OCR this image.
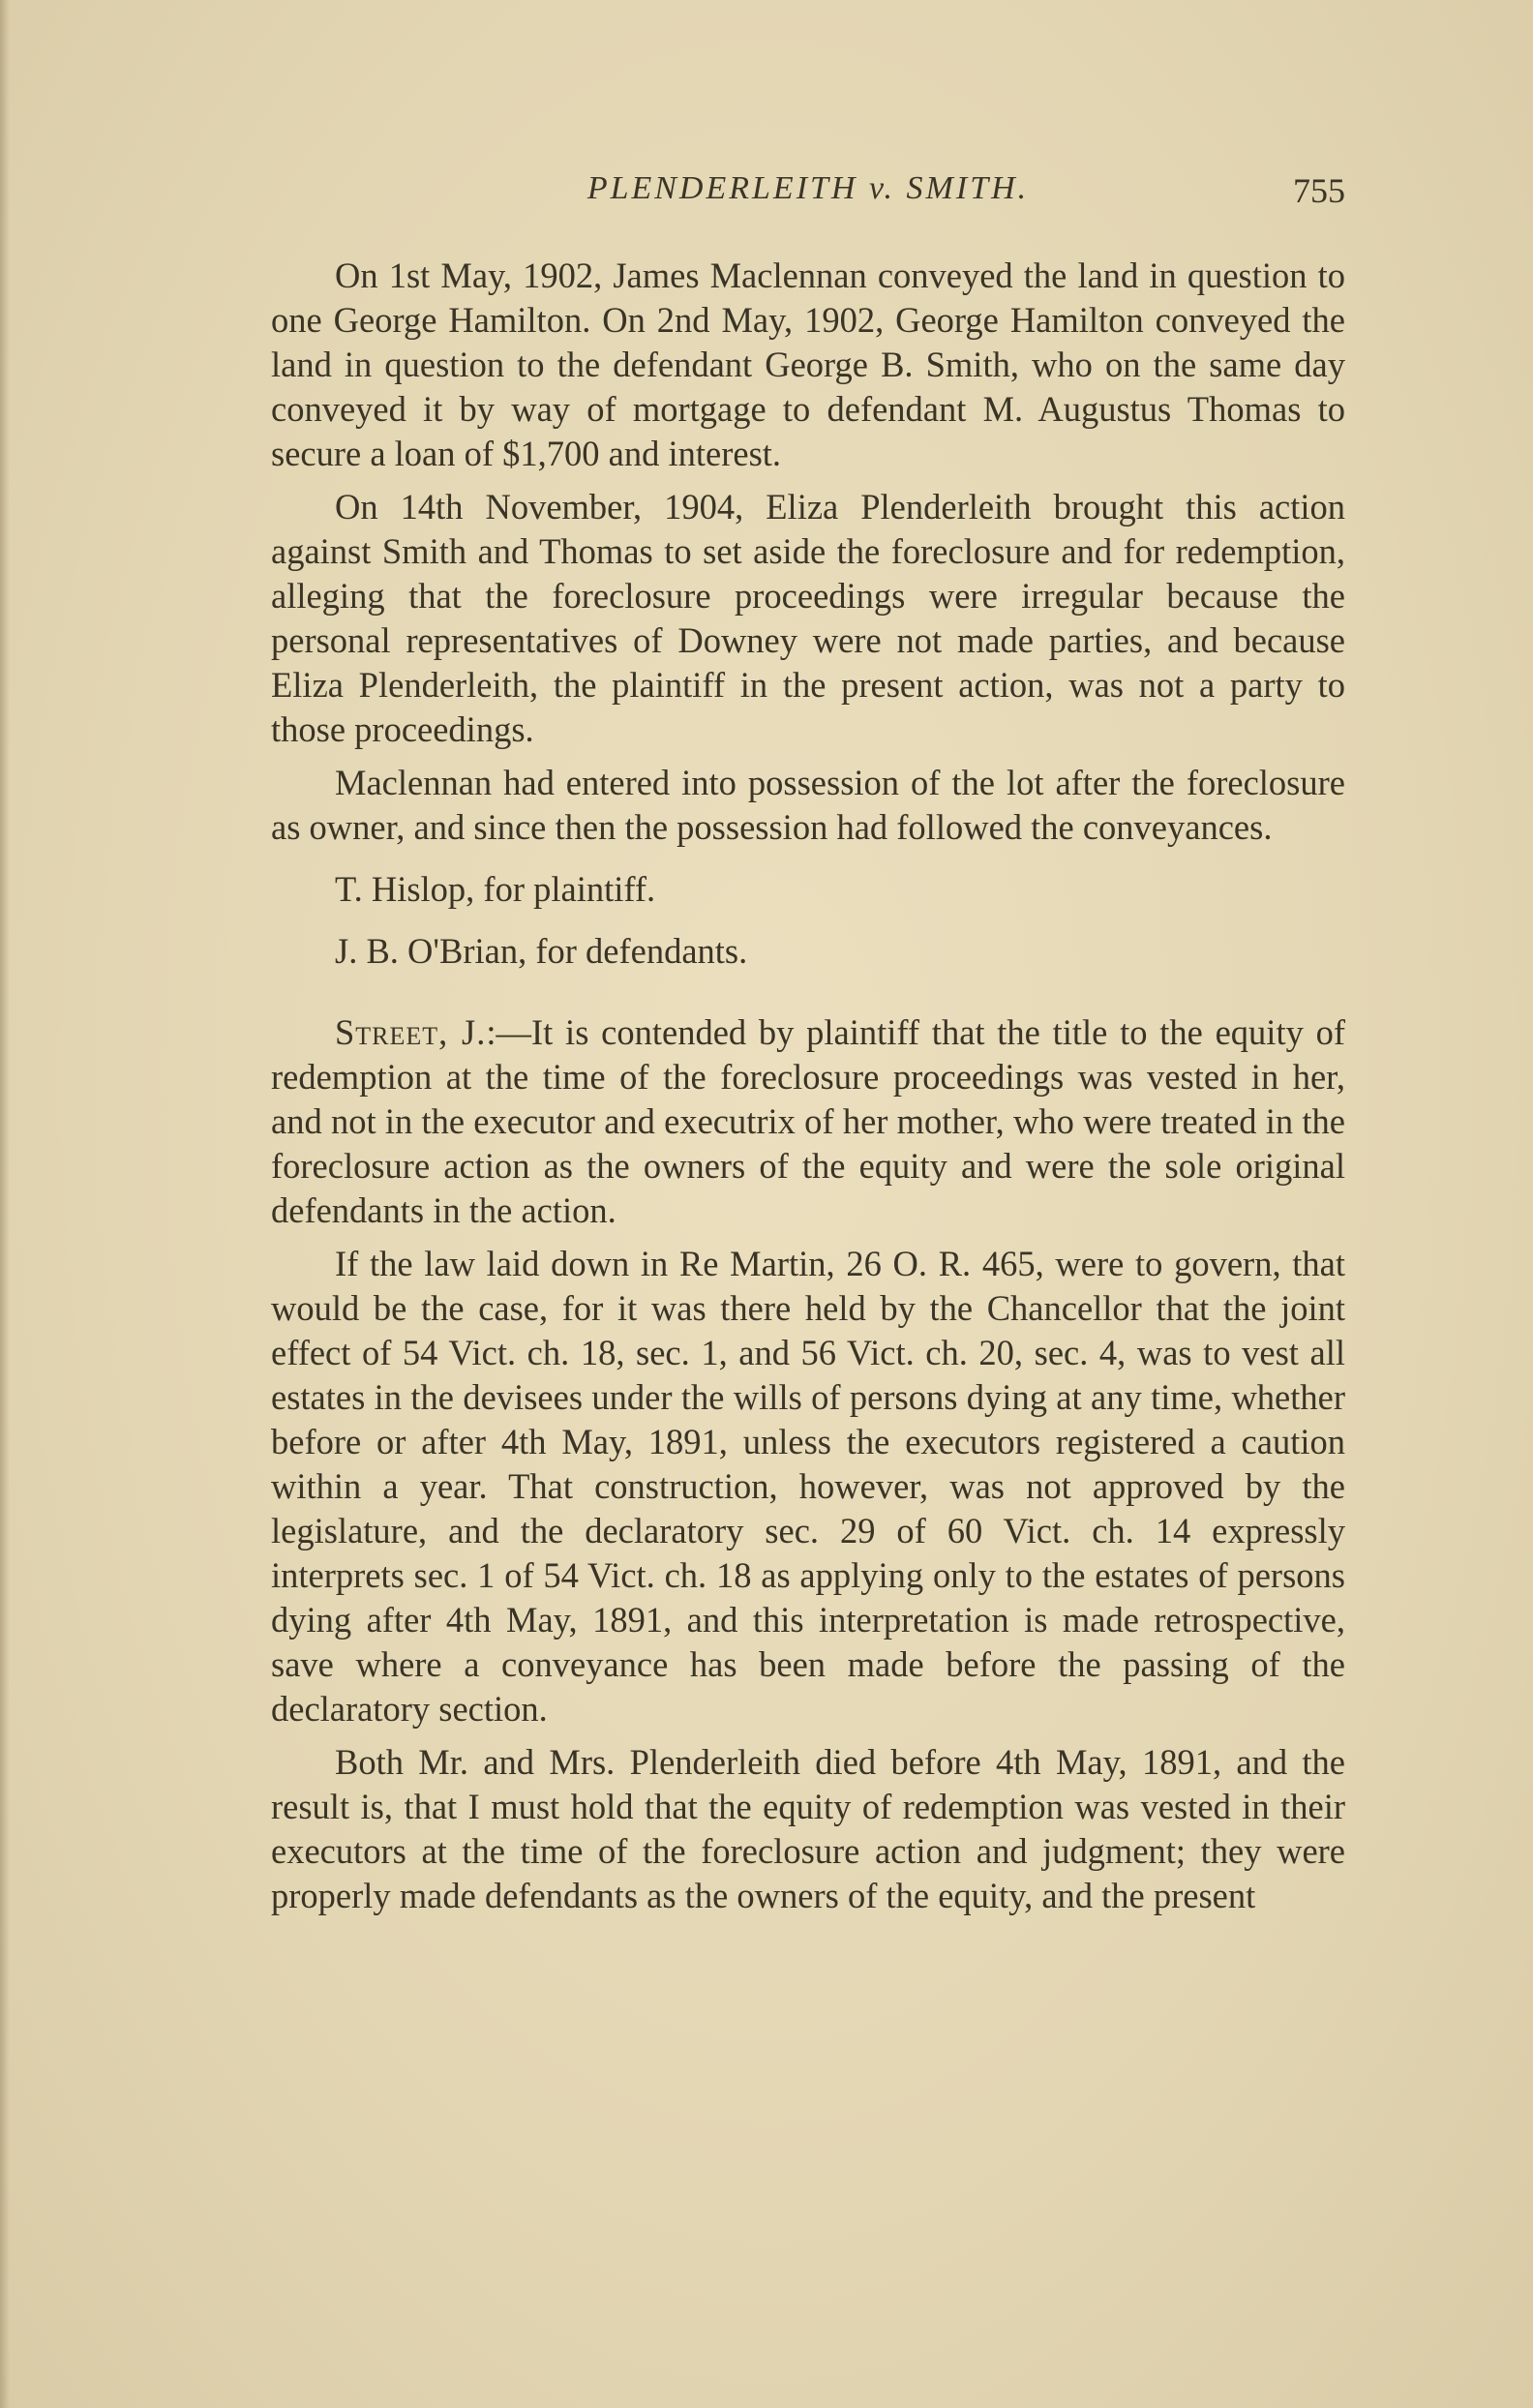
PLENDERLEITH v. SMITH.	755

On 1st May, 1902, James Maclennan conveyed the land in question to one George Hamilton. On 2nd May, 1902, George Hamilton conveyed the land in question to the defendant George B. Smith, who on the same day conveyed it by way of mortgage to defendant M. Augustus Thomas to secure a loan of $1,700 and interest.

On 14th November, 1904, Eliza Plenderleith brought this action against Smith and Thomas to set aside the foreclosure and for redemption, alleging that the foreclosure proceedings were irregular because the personal representatives of Downey were not made parties, and because Eliza Plenderleith, the plaintiff in the present action, was not a party to those proceedings.

Maclennan had entered into possession of the lot after the foreclosure as owner, and since then the possession had followed the conveyances.

T. Hislop, for plaintiff.

J. B. O'Brian, for defendants.

Street, J.:—It is contended by plaintiff that the title to the equity of redemption at the time of the foreclosure proceedings was vested in her, and not in the executor and executrix of her mother, who were treated in the foreclosure action as the owners of the equity and were the sole original defendants in the action.

If the law laid down in Re Martin, 26 O. R. 465, were to govern, that would be the case, for it was there held by the Chancellor that the joint effect of 54 Vict. ch. 18, sec. 1, and 56 Vict. ch. 20, sec. 4, was to vest all estates in the devisees under the wills of persons dying at any time, whether before or after 4th May, 1891, unless the executors registered a caution within a year. That construction, however, was not approved by the legislature, and the declaratory sec. 29 of 60 Vict. ch. 14 expressly interprets sec. 1 of 54 Vict. ch. 18 as applying only to the estates of persons dying after 4th May, 1891, and this interpretation is made retrospective, save where a conveyance has been made before the passing of the declaratory section.

Both Mr. and Mrs. Plenderleith died before 4th May, 1891, and the result is, that I must hold that the equity of redemption was vested in their executors at the time of the foreclosure action and judgment; they were properly made defendants as the owners of the equity, and the present
